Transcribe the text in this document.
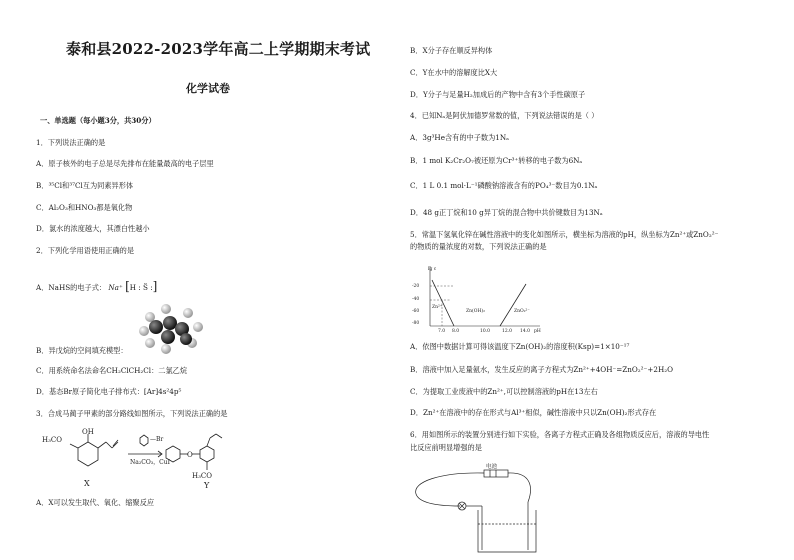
泰和县2022-2023学年高二上学期期末考试
化学试卷
一、单选题（每小题3分，共30分）
1．下列说法正确的是
A．原子核外的电子总是尽先排布在能量最高的电子层里
B．³⁵Cl和³⁷Cl互为同素异形体
C．Al₂O₃和HNO₃都是氧化物
D．氯水的浓度越大，其漂白性越小
2．下列化学用语使用正确的是
A．NaHS的电子式： Na⁺ [H : S̈ :]
B．异戊烷的空间填充模型：
C．用系统命名法命名CH₂ClCH₂Cl：二氯乙烷
D．基态Br原子简化电子排布式：[Ar]4s²4p⁵
3．合成马蔺子甲素的部分路线如图所示，下列说法正确的是
H₃CO
OH
—Br
Na₂CO₃，CuI
O
H₃CO
X	Y
A．X可以发生取代、氧化、缩聚反应
B．X分子存在顺反异构体
C．Y在水中的溶解度比X大
D．Y分子与足量H₂加成后的产物中含有3个手性碳原子
4．已知Nₐ是阿伏加德罗常数的值，下列说法错误的是（ ）
A．3g³He含有的中子数为1Nₐ
B．1 mol K₂Cr₂O₇被还原为Cr³⁺转移的电子数为6Nₐ
C．1 L 0.1 mol·L⁻¹磷酸钠溶液含有的PO₄³⁻数目为0.1Nₐ
D．48 g正丁烷和10 g异丁烷的混合物中共价键数目为13Nₐ
5．常温下氢氧化锌在碱性溶液中的变化如图所示，横坐标为溶液的pH，纵坐标为Zn²⁺或ZnO₂²⁻
的物质的量浓度的对数，下列说法正确的是
lg c
-20
-40
-60
-80
7.0 8.0	10.0	12.0 14.0 pH
Zn(OH)₂
Zn²⁺
ZnO₂²⁻
A．依图中数据计算可得该温度下Zn(OH)₂的溶度积(Ksp)=1×10⁻¹⁷
B．溶液中加入足量氨水，发生反应的离子方程式为Zn²⁺+4OH⁻=ZnO₂²⁻+2H₂O
C．为提取工业废液中的Zn²⁺,可以控制溶液的pH在13左右
D．Zn²⁺在溶液中的存在形式与Al³⁺相似，碱性溶液中只以Zn(OH)₂形式存在
6．用如图所示的装置分别进行如下实验，各离子方程式正确及各组物质反应后，溶液的导电性
比反应前明显增强的是
电池
